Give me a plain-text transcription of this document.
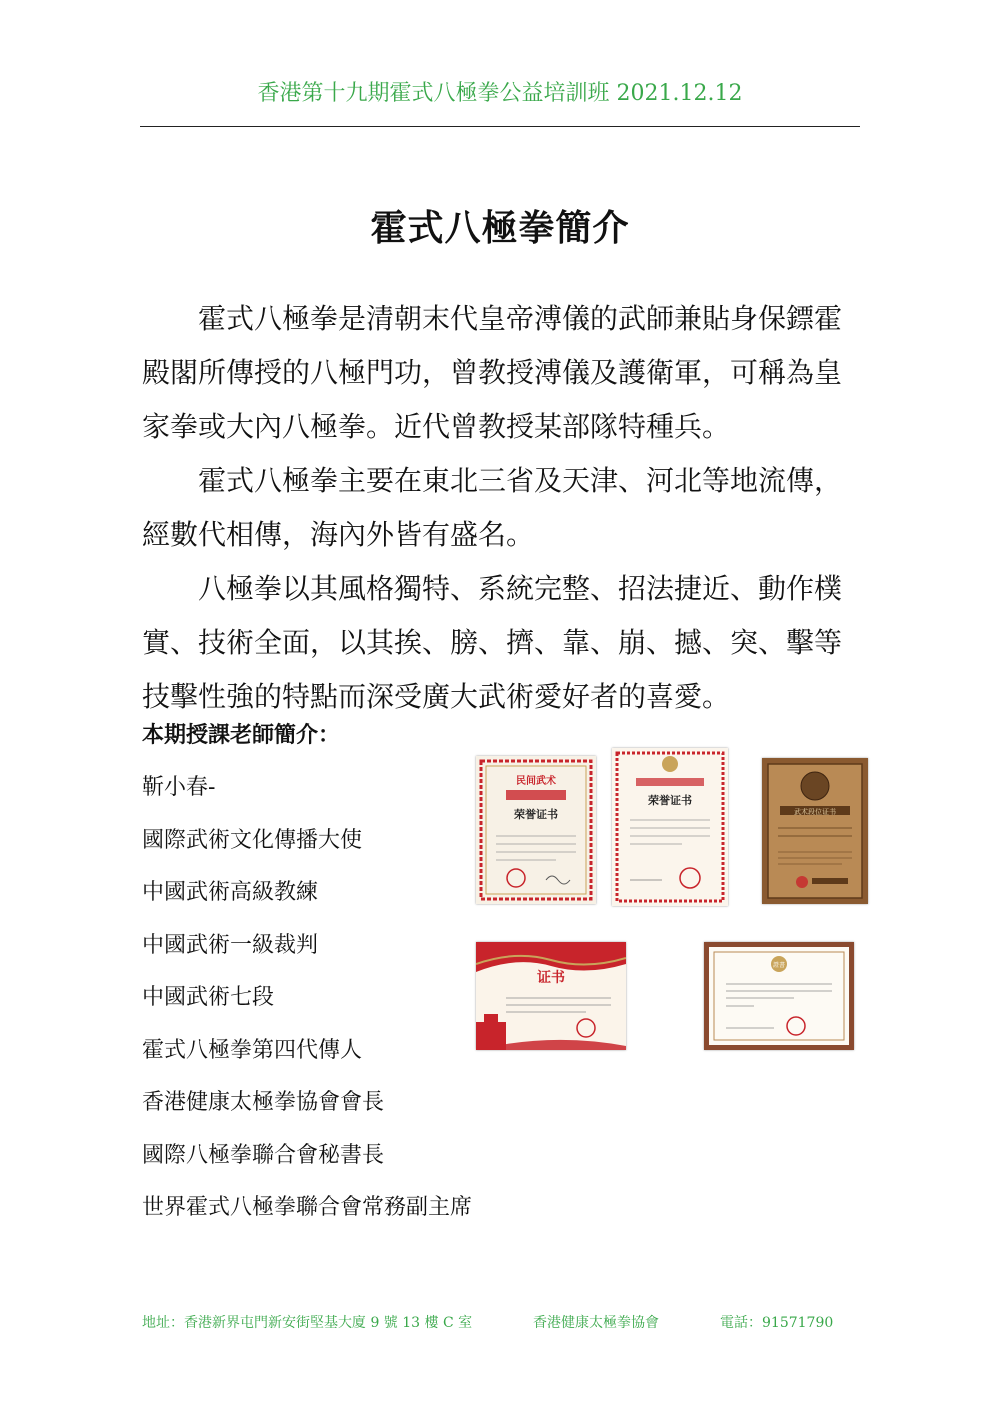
香港第十九期霍式八極拳公益培訓班 2021.12.12
霍式八極拳簡介

霍式八極拳是清朝末代皇帝溥儀的武師兼貼身保鏢霍殿閣所傳授的八極門功，曾教授溥儀及護衛軍，可稱為皇家拳或大內八極拳。近代曾教授某部隊特種兵。

霍式八極拳主要在東北三省及天津、河北等地流傳，經數代相傳，海內外皆有盛名。

八極拳以其風格獨特、系統完整、招法捷近、動作樸實、技術全面，以其挨、膀、擠、靠、崩、撼、突、擊等技擊性強的特點而深受廣大武術愛好者的喜愛。

本期授課老師簡介：
靳小春-
國際武術文化傳播大使
中國武術高級教練
中國武術一級裁判
中國武術七段
霍式八極拳第四代傳人
香港健康太極拳協會會長
國際八極拳聯合會秘書長
世界霍式八極拳聯合會常務副主席
民间武术
荣誉证书
荣誉证书
武术段位证书
证书
證書
地址：香港新界屯門新安街堅基大廈 9 號 13 樓 C 室	香港健康太極拳協會	電話：91571790
